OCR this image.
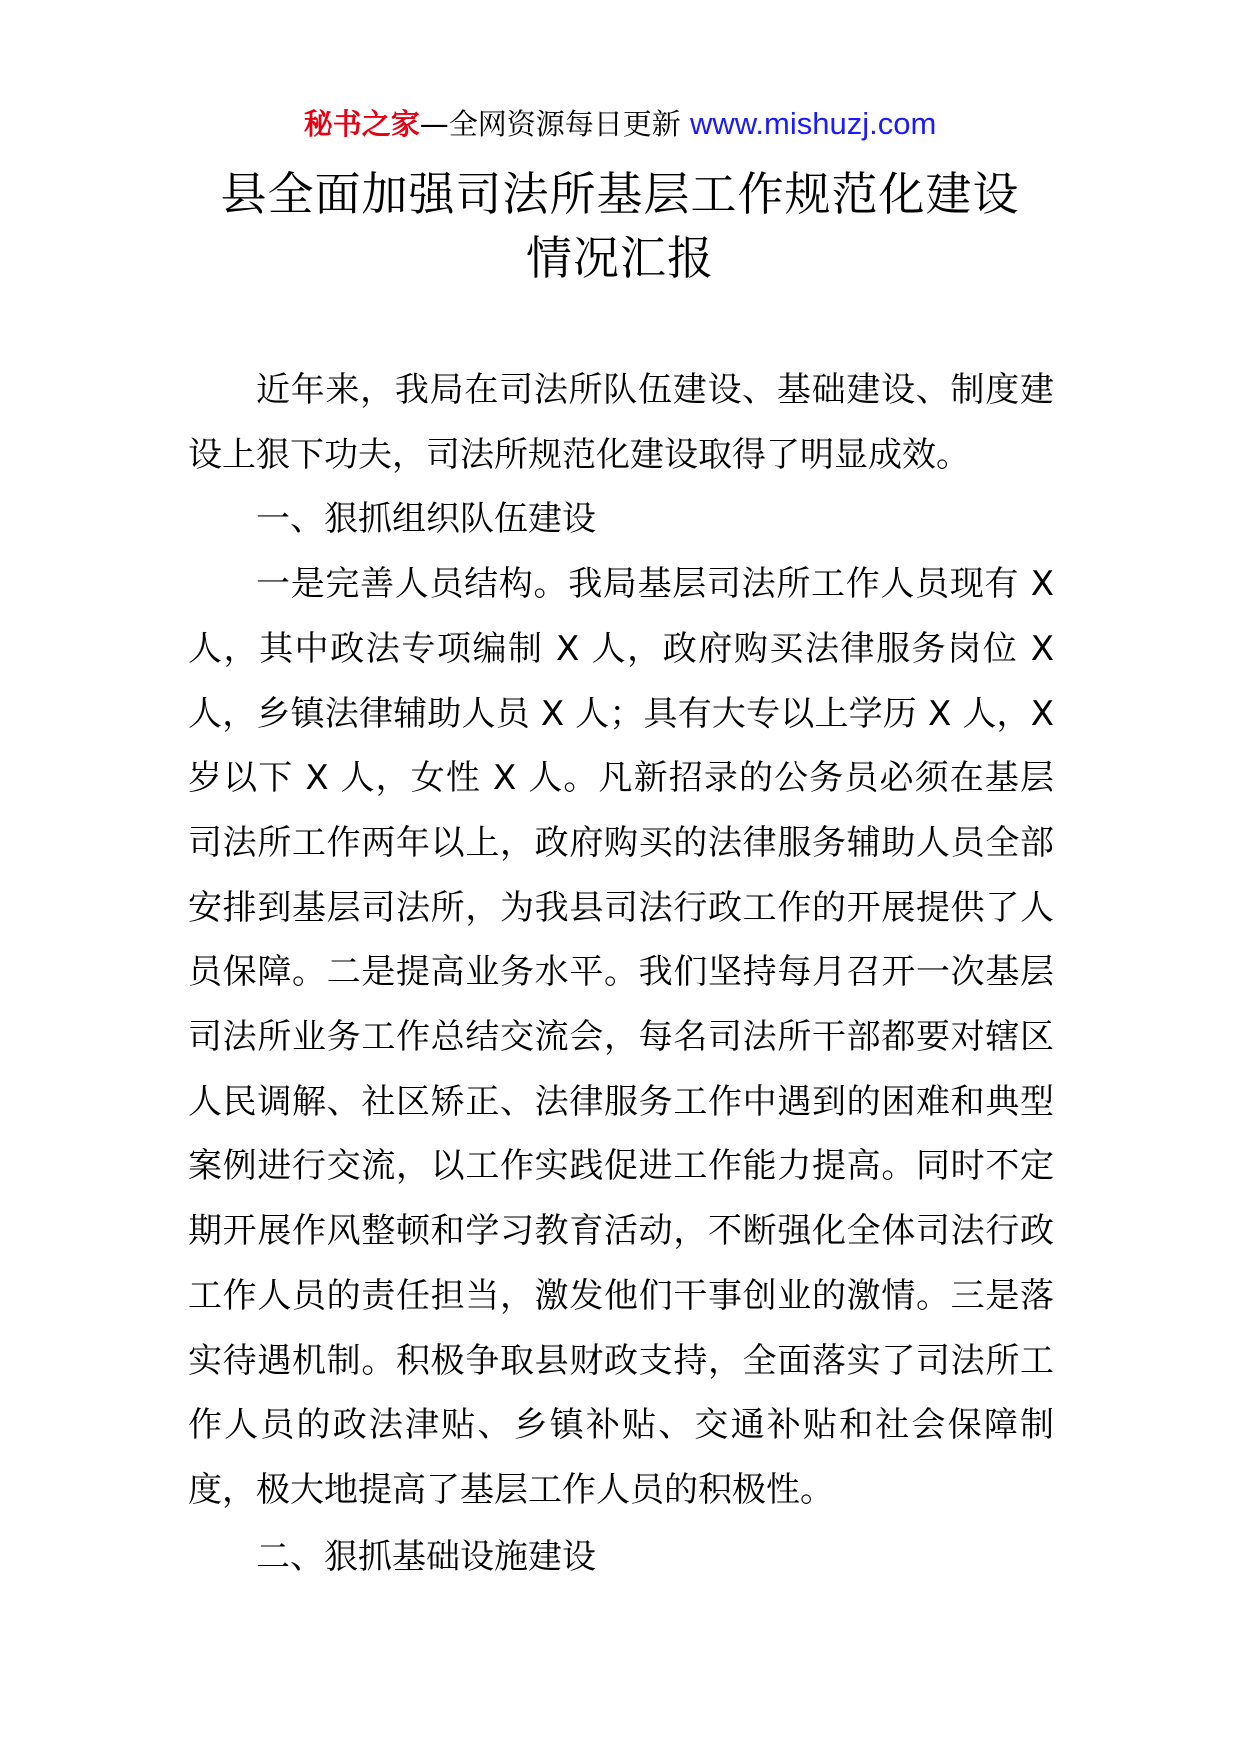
秘书之家—全网资源每日更新 www.mishuzj.com
县全面加强司法所基层工作规范化建设
情况汇报

近年来，我局在司法所队伍建设、基础建设、制度建设上狠下功夫，司法所规范化建设取得了明显成效。

一、狠抓组织队伍建设

一是完善人员结构。我局基层司法所工作人员现有 X 人，其中政法专项编制 X 人，政府购买法律服务岗位 X 人，乡镇法律辅助人员 X 人；具有大专以上学历 X 人，X 岁以下 X 人，女性 X 人。凡新招录的公务员必须在基层司法所工作两年以上，政府购买的法律服务辅助人员全部安排到基层司法所，为我县司法行政工作的开展提供了人员保障。二是提高业务水平。我们坚持每月召开一次基层司法所业务工作总结交流会，每名司法所干部都要对辖区人民调解、社区矫正、法律服务工作中遇到的困难和典型案例进行交流，以工作实践促进工作能力提高。同时不定期开展作风整顿和学习教育活动，不断强化全体司法行政工作人员的责任担当，激发他们干事创业的激情。三是落实待遇机制。积极争取县财政支持，全面落实了司法所工作人员的政法津贴、乡镇补贴、交通补贴和社会保障制度，极大地提高了基层工作人员的积极性。

二、狠抓基础设施建设
